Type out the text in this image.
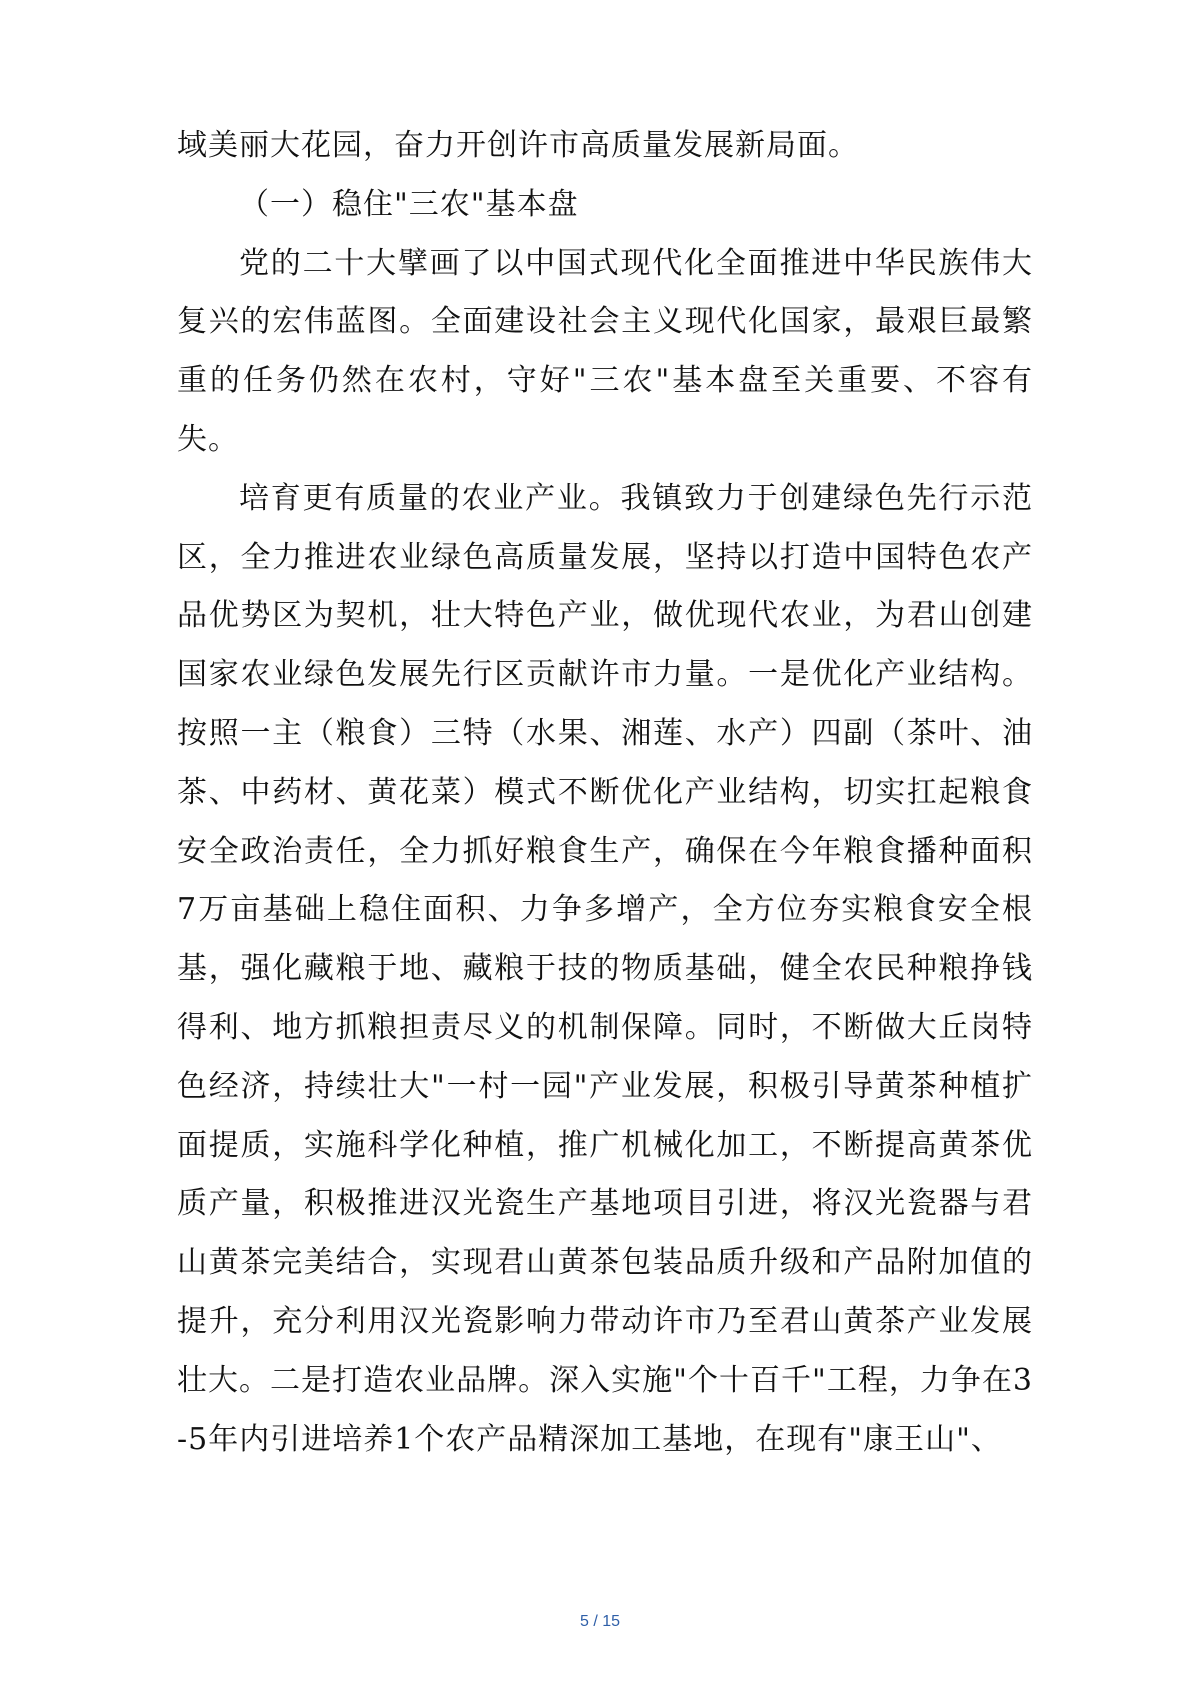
域美丽大花园，奋力开创许市高质量发展新局面。

（一）稳住"三农"基本盘

党的二十大擘画了以中国式现代化全面推进中华民族伟大复兴的宏伟蓝图。全面建设社会主义现代化国家，最艰巨最繁重的任务仍然在农村，守好"三农"基本盘至关重要、不容有失。

培育更有质量的农业产业。我镇致力于创建绿色先行示范区，全力推进农业绿色高质量发展，坚持以打造中国特色农产品优势区为契机，壮大特色产业，做优现代农业，为君山创建国家农业绿色发展先行区贡献许市力量。一是优化产业结构。按照一主（粮食）三特（水果、湘莲、水产）四副（茶叶、油茶、中药材、黄花菜）模式不断优化产业结构，切实扛起粮食安全政治责任，全力抓好粮食生产，确保在今年粮食播种面积7万亩基础上稳住面积、力争多增产，全方位夯实粮食安全根基，强化藏粮于地、藏粮于技的物质基础，健全农民种粮挣钱得利、地方抓粮担责尽义的机制保障。同时，不断做大丘岗特色经济，持续壮大"一村一园"产业发展，积极引导黄茶种植扩面提质，实施科学化种植，推广机械化加工，不断提高黄茶优质产量，积极推进汉光瓷生产基地项目引进，将汉光瓷器与君山黄茶完美结合，实现君山黄茶包装品质升级和产品附加值的提升，充分利用汉光瓷影响力带动许市乃至君山黄茶产业发展壮大。二是打造农业品牌。深入实施"个十百千"工程，力争在3-5年内引进培养1个农产品精深加工基地，在现有"康王山"、

5 / 15
